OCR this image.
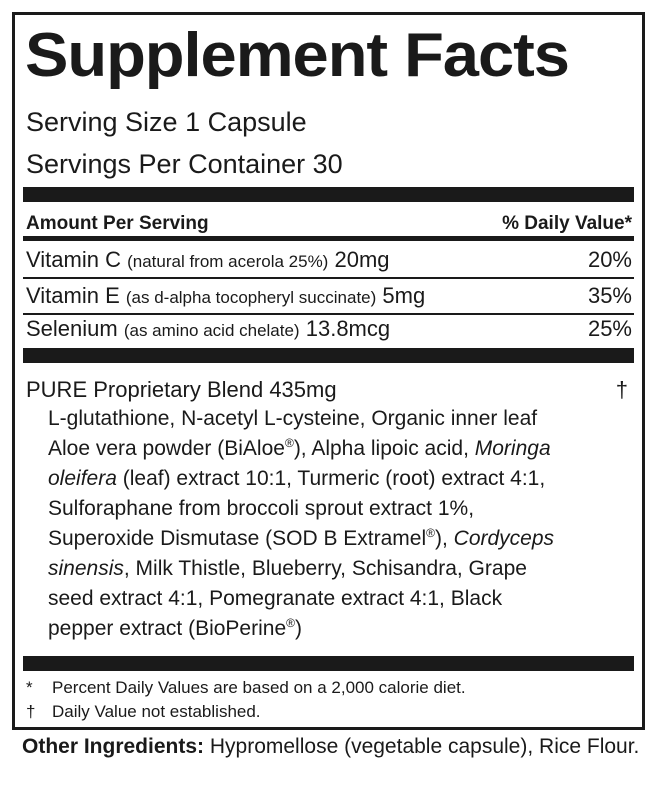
Supplement Facts
Serving Size 1 Capsule
Servings Per Container 30
Amount Per Serving	% Daily Value*
Vitamin C (natural from acerola 25%) 20mg	20%
Vitamin E (as d-alpha tocopheryl succinate) 5mg	35%
Selenium (as amino acid chelate) 13.8mcg	25%
PURE Proprietary Blend 435mg	†
L-glutathione, N-acetyl L-cysteine, Organic inner leaf
Aloe vera powder (BiAloe®), Alpha lipoic acid, Moringa
oleifera (leaf) extract 10:1, Turmeric (root) extract 4:1,
Sulforaphane from broccoli sprout extract 1%,
Superoxide Dismutase (SOD B Extramel®), Cordyceps
sinensis, Milk Thistle, Blueberry, Schisandra, Grape
seed extract 4:1, Pomegranate extract 4:1, Black
pepper extract (BioPerine®)
* Percent Daily Values are based on a 2,000 calorie diet.
† Daily Value not established.
Other Ingredients: Hypromellose (vegetable capsule), Rice Flour.
